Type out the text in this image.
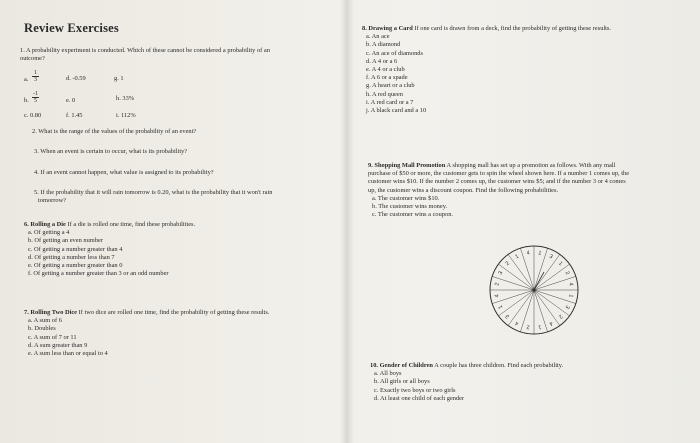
Review Exercises
1. A probability experiment is conducted. Which of these cannot be considered a probability of an
outcome?
a. $\frac{1}{3}$	d. -0.59	g. 1
b. $\frac{-1}{5}$	e. 0	h. 33%
c. 0.80	f. 1.45	i. 112%
2. What is the range of the values of the probability of an event?
3. When an event is certain to occur, what is its probability?
4. If an event cannot happen, what value is assigned to its probability?
5. If the probability that it will rain tomorrow is 0.20, what is the probability that it won't rain
tomorrow?
6. Rolling a Die If a die is rolled one time, find these probabilities.
a. Of getting a 4
b. Of getting an even number
c. Of getting a number greater than 4
d. Of getting a number less than 7
e. Of getting a number greater than 0
f. Of getting a number greater than 3 or an odd number
7. Rolling Two Dice If two dice are rolled one time, find the probability of getting these results.
a. A sum of 6
b. Doubles
c. A sum of 7 or 11
d. A sum greater than 9
e. A sum less than or equal to 4
8. Drawing a Card If one card is drawn from a deck, find the probability of getting these results.
a. An ace
b. A diamond
c. An ace of diamonds
d. A 4 or a 6
e. A 4 or a club
f. A 6 or a spade
g. A heart or a club
h. A red queen
i. A red card or a 7
j. A black card and a 10
9. Shopping Mall Promotion A shopping mall has set up a promotion as follows. With any mall
purchase of $50 or more, the customer gets to spin the wheel shown here. If a number 1 comes up, the
customer wins $10. If the number 2 comes up, the customer wins $5; and if the number 3 or 4 comes
up, the customer wins a discount coupon. Find the following probabilities.
a. The customer wins $10.
b. The customer wins money.
c. The customer wins a coupon.
1
3
1
2
4
1
3
2
4
1
2
4
3
1
4
2
3
2
1
4
10. Gender of Children A couple has three children. Find each probability.
a. All boys
b. All girls or all boys
c. Exactly two boys or two girls
d. At least one child of each gender
